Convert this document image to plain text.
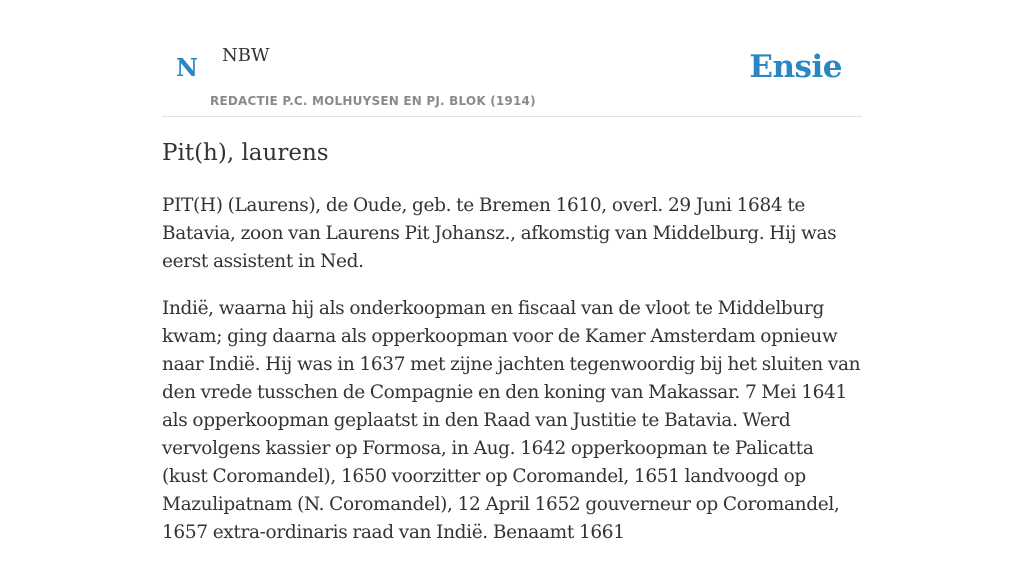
N NBW
REDACTIE P.C. MOLHUYSEN EN PJ. BLOK (1914)
Ensie
Pit(h), laurens

PIT(H) (Laurens), de Oude, geb. te Bremen 1610, overl. 29 Juni 1684 te Batavia, zoon van Laurens Pit Johansz., afkomstig van Middelburg. Hij was eerst assistent in Ned.

Indië, waarna hij als onderkoopman en fiscaal van de vloot te Middelburg kwam; ging daarna als opperkoopman voor de Kamer Amsterdam opnieuw naar Indië. Hij was in 1637 met zijne jachten tegenwoordig bij het sluiten van den vrede tusschen de Compagnie en den koning van Makassar. 7 Mei 1641 als opperkoopman geplaatst in den Raad van Justitie te Batavia. Werd vervolgens kassier op Formosa, in Aug. 1642 opperkoopman te Palicatta (kust Coromandel), 1650 voorzitter op Coromandel, 1651 landvoogd op Mazulipatnam (N. Coromandel), 12 April 1652 gouverneur op Coromandel, 1657 extra-ordinaris raad van Indië. Benaamt 1661
